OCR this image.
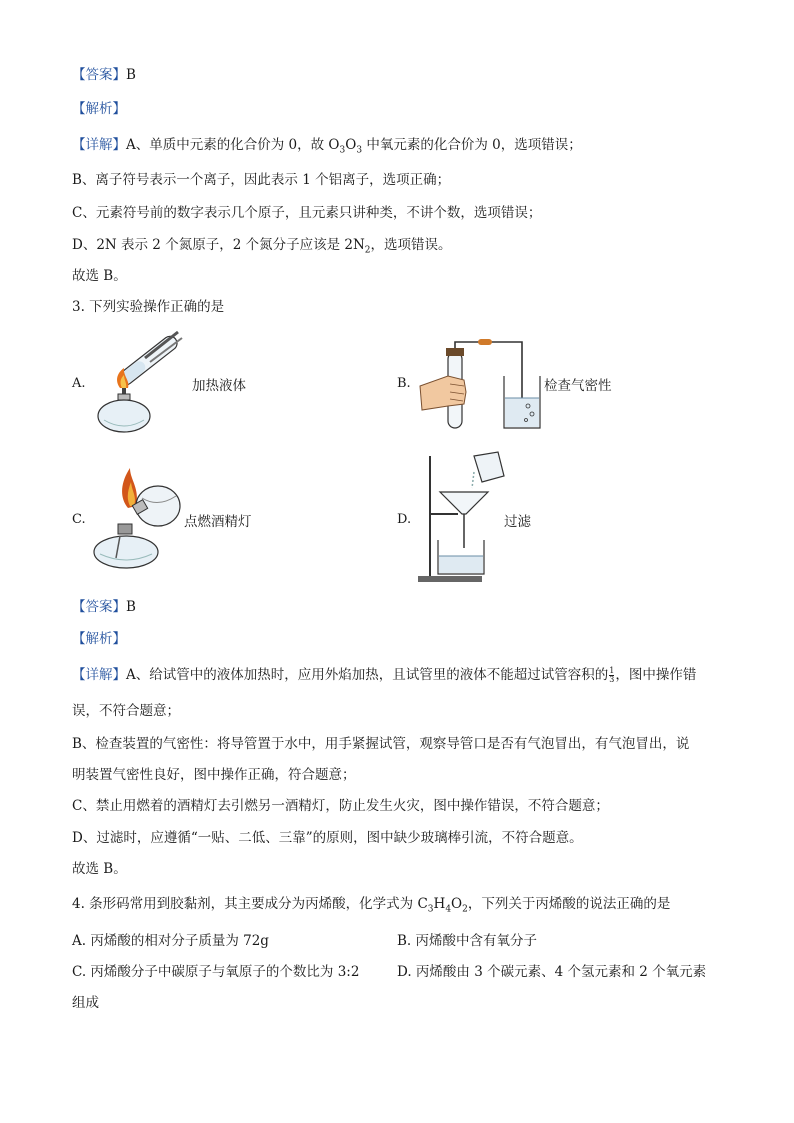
【答案】B
【解析】
【详解】A、单质中元素的化合价为 0，故 $O_3O_3$ 中氧元素的化合价为 0，选项错误；
B、离子符号表示一个离子，因此表示 1 个铝离子，选项正确；
C、元素符号前的数字表示几个原子，且元素只讲种类，不讲个数，选项错误；
D、2N 表示 2 个氮原子，2 个氮分子应该是 $2N_2$，选项错误。
故选 B。
3. 下列实验操作正确的是
A.	加热液体	B.	检查气密性
C.	点燃酒精灯	D.	过滤
【答案】B
【解析】
【详解】A、给试管中的液体加热时，应用外焰加热，且试管里的液体不能超过试管容积的 $\frac{1}{3}$ ，图中操作错
误，不符合题意；
B、检查装置的气密性：将导管置于水中，用手紧握试管，观察导管口是否有气泡冒出，有气泡冒出，说
明装置气密性良好，图中操作正确，符合题意；
C、禁止用燃着的酒精灯去引燃另一酒精灯，防止发生火灾，图中操作错误，不符合题意；
D、过滤时，应遵循“一贴、二低、三靠”的原则，图中缺少玻璃棒引流，不符合题意。
故选 B。
4. 条形码常用到胶黏剂，其主要成分为丙烯酸，化学式为 $C_3H_4O_2$，下列关于丙烯酸的说法正确的是
A. 丙烯酸的相对分子质量为 72g	B. 丙烯酸中含有氧分子
C. 丙烯酸分子中碳原子与氧原子的个数比为 3:2	D. 丙烯酸由 3 个碳元素、4 个氢元素和 2 个氧元素
组成
